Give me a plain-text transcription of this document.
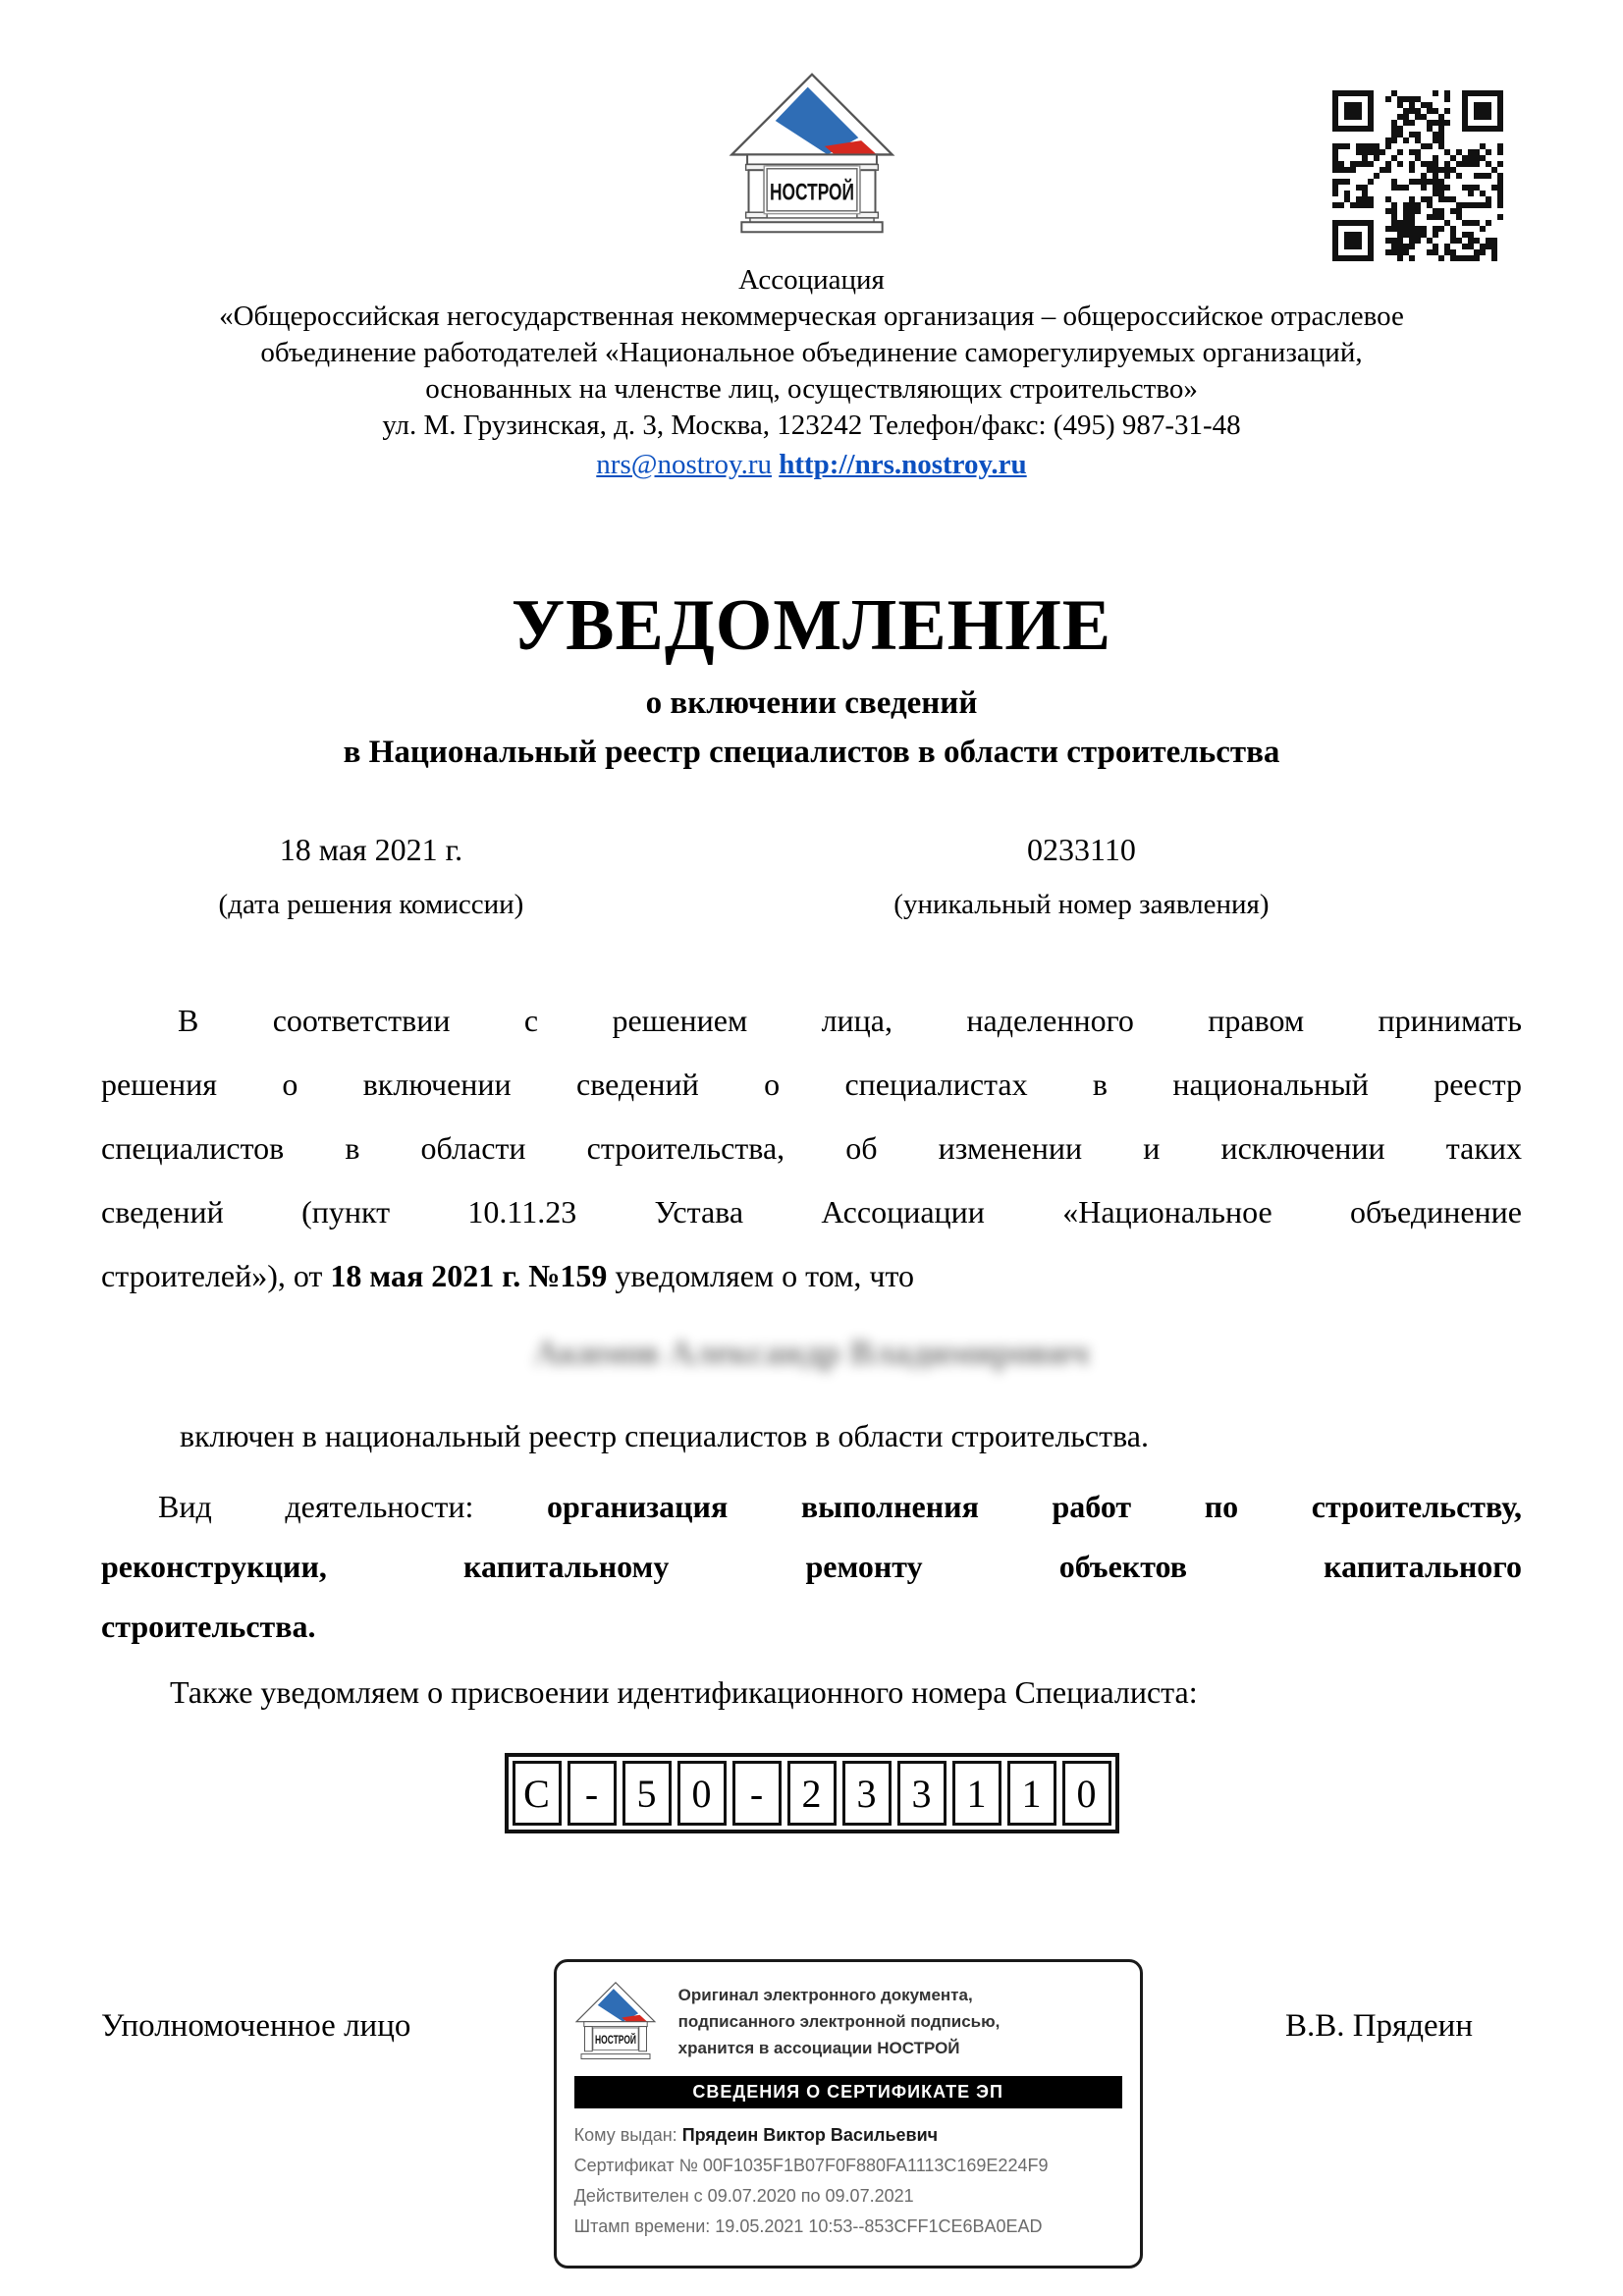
НОСТРОЙ
Ассоциация
«Общероссийская негосударственная некоммерческая организация – общероссийское отраслевое
объединение работодателей «Национальное объединение саморегулируемых организаций,
основанных на членстве лиц, осуществляющих строительство»
ул. М. Грузинская, д. 3, Москва, 123242 Телефон/факс: (495) 987-31-48
nrs@nostroy.ru http://nrs.nostroy.ru
УВЕДОМЛЕНИЕ
о включении сведений
в Национальный реестр специалистов в области строительства
18 мая 2021 г.
(дата решения комиссии)
0233110
(уникальный номер заявления)

В соответствии с решением лица, наделенного правом принимать

решения о включении сведений о специалистах в национальный реестр

специалистов в области строительства, об изменении и исключении таких

сведений (пункт 10.11.23 Устава Ассоциации «Национальное объединение

строителей»), от 18 мая 2021 г. №159 уведомляем о том, что

Акимов Александр Владимирович
включен в национальный реестр специалистов в области строительства.

Вид деятельности: организация выполнения работ по строительству,

реконструкции, капитальному ремонту объектов капитального

строительства.

Также уведомляем о присвоении идентификационного номера Специалиста:
С - 5 0 - 2 3 3 1 1 0
Уполномоченное лицо	НОСТРОЙ
Оригинал электронного документа,
подписанного электронной подписью,
хранится в ассоциации НОСТРОЙ
СВЕДЕНИЯ О СЕРТИФИКАТЕ ЭП
Кому выдан: Прядеин Виктор Васильевич
Сертификат № 00F1035F1B07F0F880FA1113C169E224F9
Действителен с 09.07.2020 по 09.07.2021
Штамп времени: 19.05.2021 10:53--853CFF1CE6BA0EAD
В.В. Прядеин
